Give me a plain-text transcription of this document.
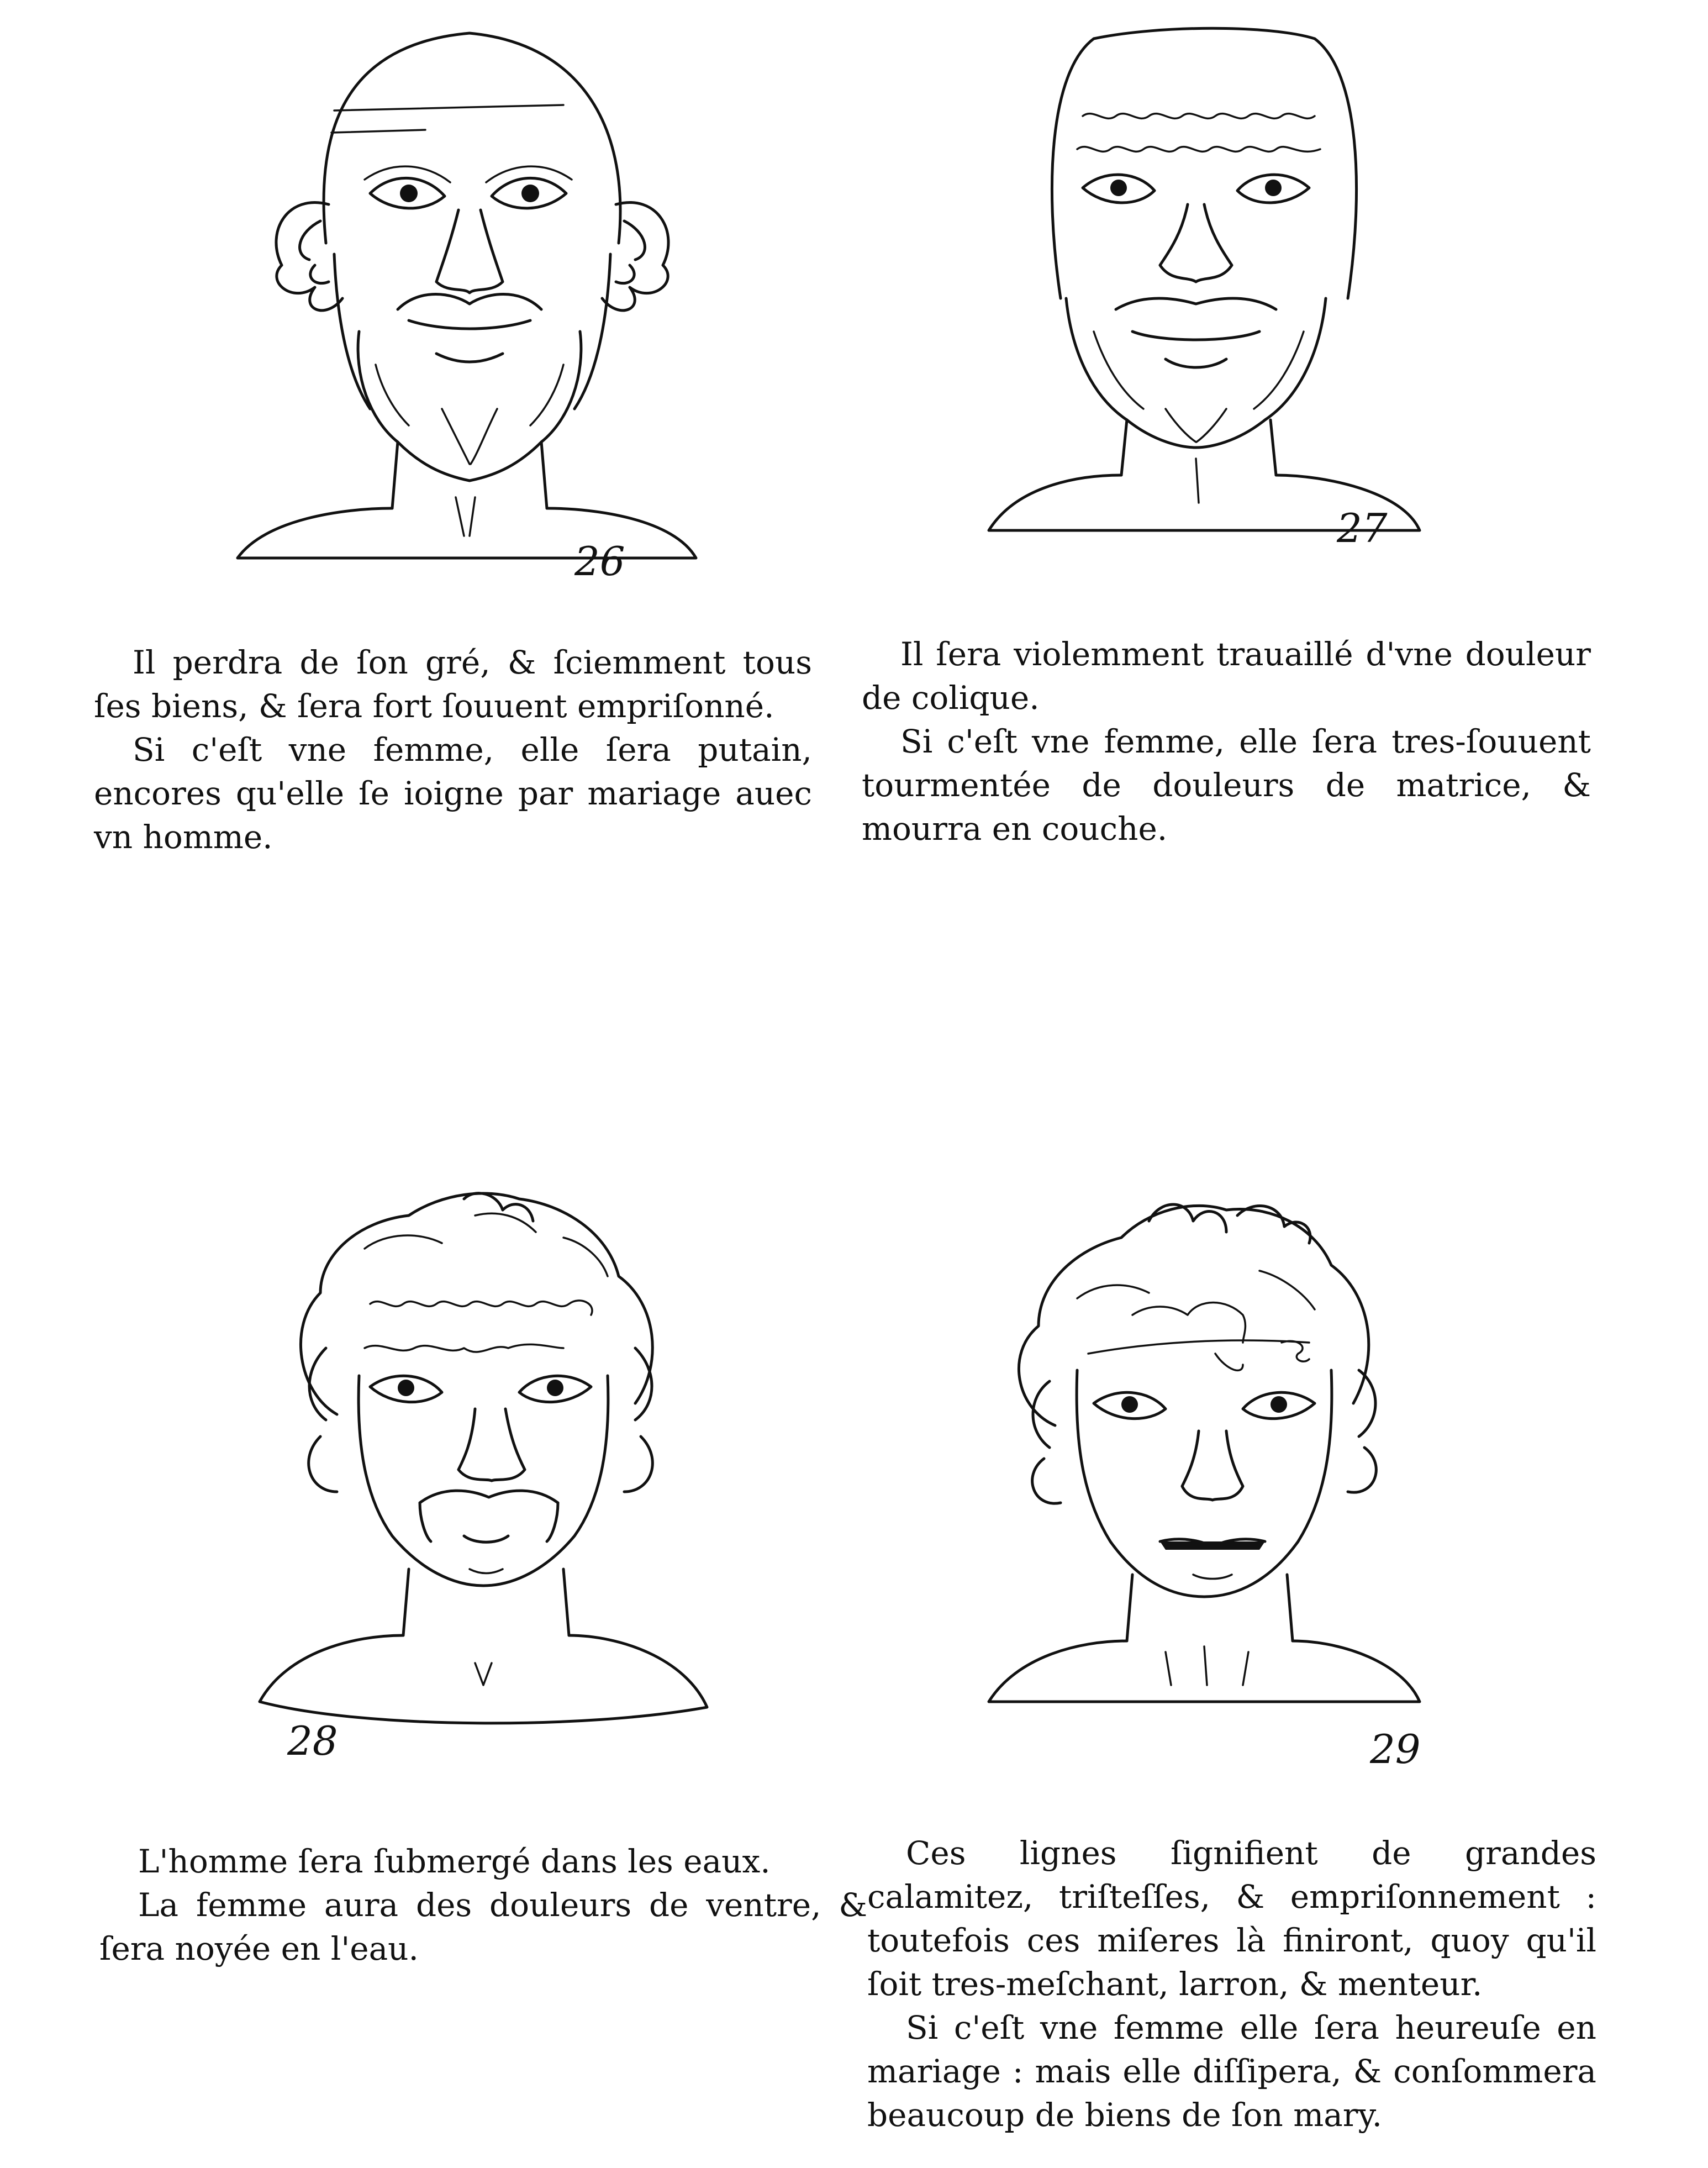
26
27
28	29

Il perdra de ſon gré, & ſciemment tous ſes biens, & ſera fort ſouuent empriſonné.

Si c'eſt vne femme, elle ſera putain, encores qu'elle ſe ioigne par mariage auec vn homme.

Il ſera violemment trauaillé d'vne douleur de colique.

Si c'eſt vne femme, elle ſera tres-ſouuent tourmentée de douleurs de matrice, & mourra en couche.

L'homme ſera ſubmergé dans les eaux.

La femme aura des douleurs de ventre, & ſera noyée en l'eau.

Ces lignes ſignifient de grandes calamitez, triſteſſes, & empriſonnement : toutefois ces miſeres là finiront, quoy qu'il ſoit tres-meſchant, larron, & menteur.

Si c'eſt vne femme elle ſera heureuſe en mariage : mais elle diſſipera, & conſommera beaucoup de biens de ſon mary.
